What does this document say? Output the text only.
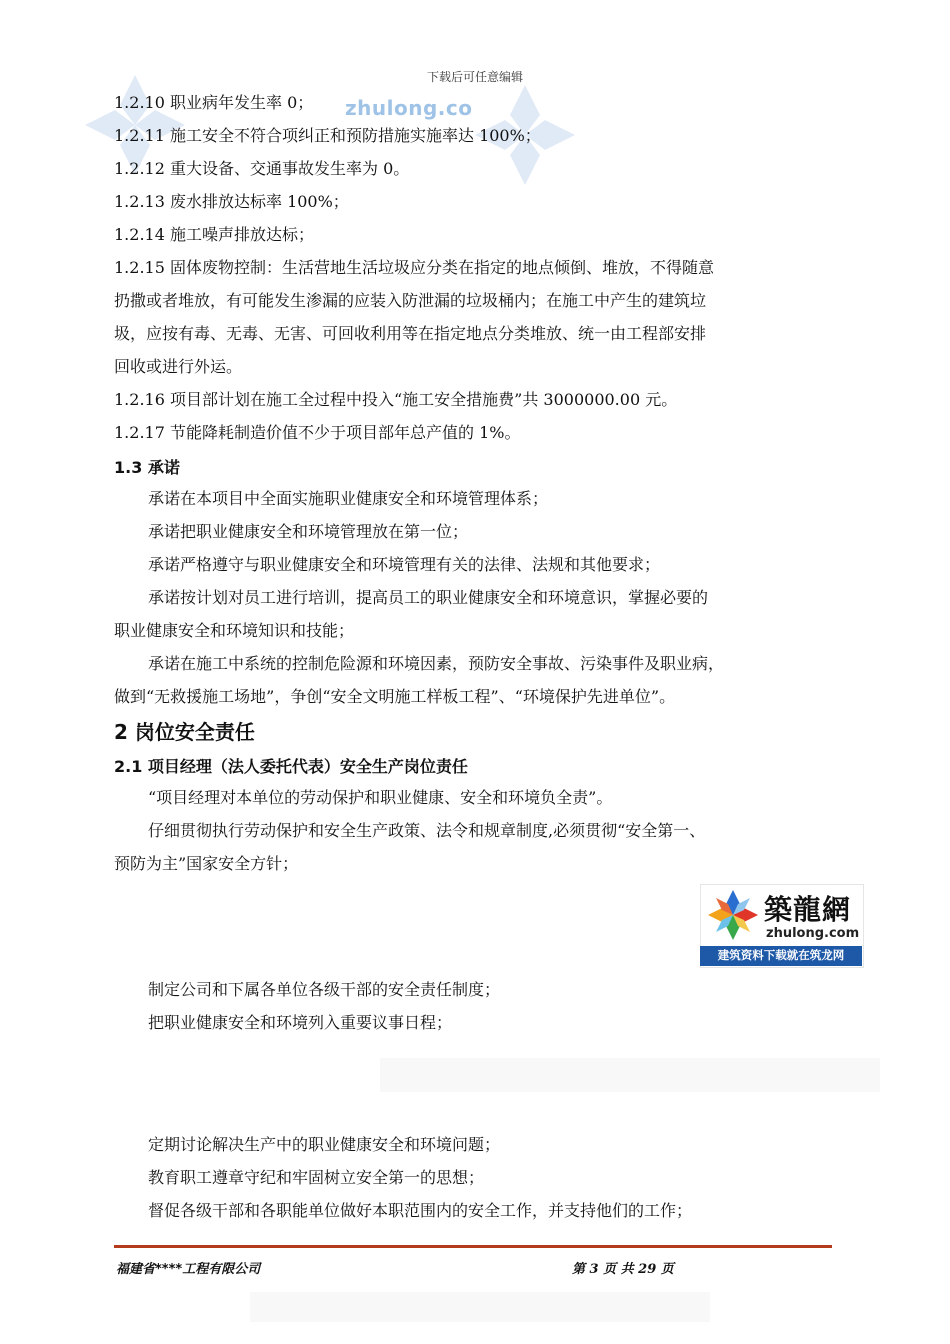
下载后可任意编辑
zhulong.co
1.2.10 职业病年发生率 0；
1.2.11 施工安全不符合项纠正和预防措施实施率达 100%；
1.2.12 重大设备、交通事故发生率为 0。
1.2.13 废水排放达标率 100%；
1.2.14 施工噪声排放达标；
1.2.15 固体废物控制：生活营地生活垃圾应分类在指定的地点倾倒、堆放，不得随意
扔撒或者堆放，有可能发生渗漏的应装入防泄漏的垃圾桶内；在施工中产生的建筑垃
圾，应按有毒、无毒、无害、可回收利用等在指定地点分类堆放、统一由工程部安排
回收或进行外运。
1.2.16 项目部计划在施工全过程中投入“施工安全措施费”共 3000000.00 元。
1.2.17 节能降耗制造价值不少于项目部年总产值的 1%。
1.3 承诺
承诺在本项目中全面实施职业健康安全和环境管理体系；
承诺把职业健康安全和环境管理放在第一位；
承诺严格遵守与职业健康安全和环境管理有关的法律、法规和其他要求；
承诺按计划对员工进行培训，提高员工的职业健康安全和环境意识，掌握必要的
职业健康安全和环境知识和技能；
承诺在施工中系统的控制危险源和环境因素，预防安全事故、污染事件及职业病，
做到“无救援施工场地”，争创“安全文明施工样板工程”、“环境保护先进单位”。
2 岗位安全责任
2.1 项目经理（法人委托代表）安全生产岗位责任
“项目经理对本单位的劳动保护和职业健康、安全和环境负全责”。
仔细贯彻执行劳动保护和安全生产政策、法令和规章制度,必须贯彻“安全第一、
预防为主”国家安全方针；
築龍網
zhulong.com
建筑资料下载就在筑龙网
制定公司和下属各单位各级干部的安全责任制度；
把职业健康安全和环境列入重要议事日程；
定期讨论解决生产中的职业健康安全和环境问题；
教育职工遵章守纪和牢固树立安全第一的思想；
督促各级干部和各职能单位做好本职范围内的安全工作，并支持他们的工作；
福建省****工程有限公司	第 3 页 共 29 页
